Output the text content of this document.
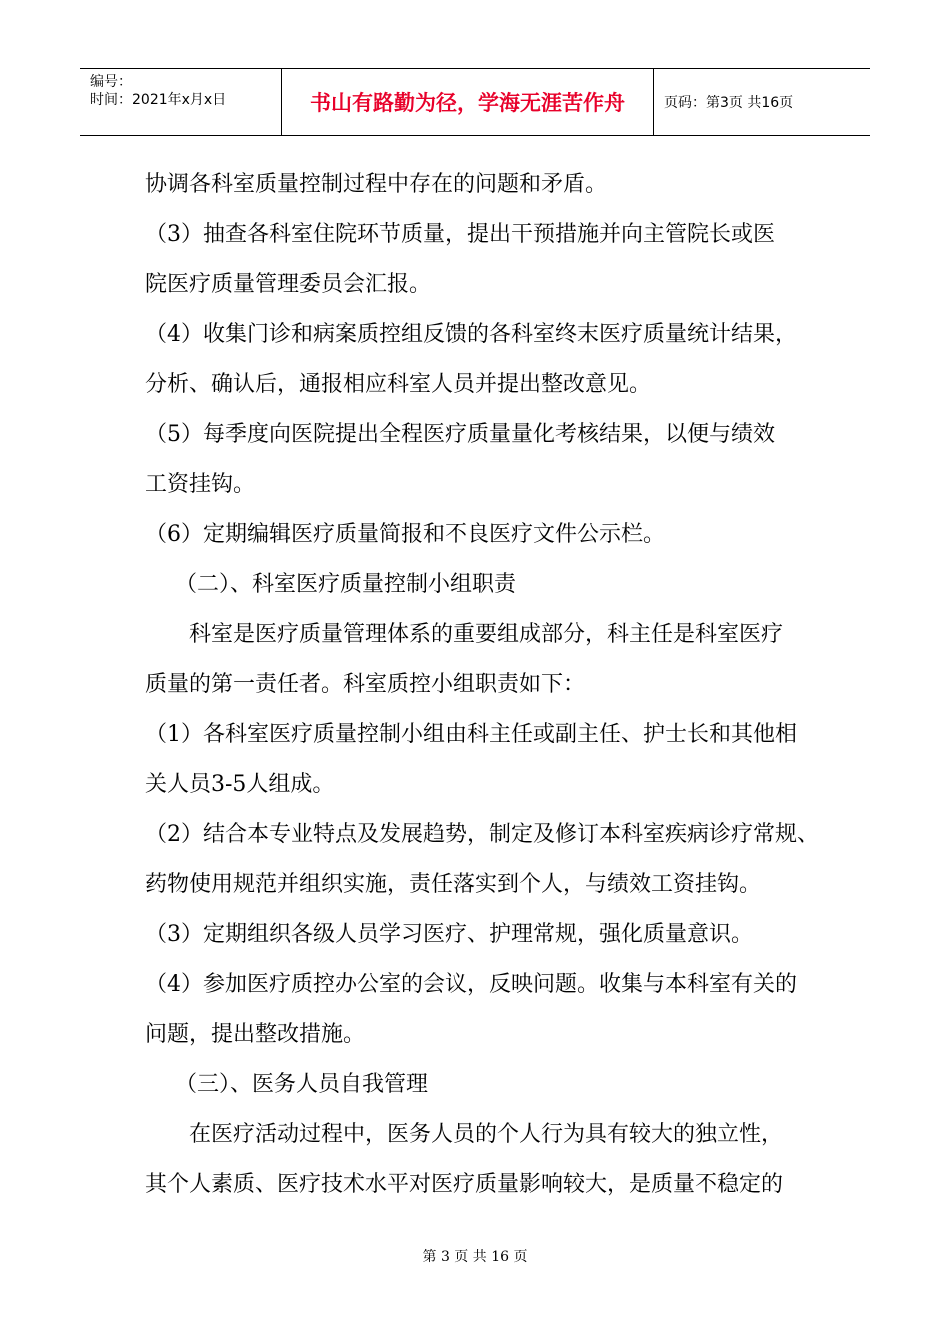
编号：
时间：2021年x月x日	书山有路勤为径，学海无涯苦作舟	页码：第3页 共16页
协调各科室质量控制过程中存在的问题和矛盾。
（3）抽查各科室住院环节质量，提出干预措施并向主管院长或医
院医疗质量管理委员会汇报。
（4）收集门诊和病案质控组反馈的各科室终末医疗质量统计结果，
分析、确认后，通报相应科室人员并提出整改意见。
（5）每季度向医院提出全程医疗质量量化考核结果，以便与绩效
工资挂钩。
（6）定期编辑医疗质量简报和不良医疗文件公示栏。
（二）、科室医疗质量控制小组职责
科室是医疗质量管理体系的重要组成部分，科主任是科室医疗
质量的第一责任者。科室质控小组职责如下：
（1）各科室医疗质量控制小组由科主任或副主任、护士长和其他相
关人员3-5人组成。
（2）结合本专业特点及发展趋势，制定及修订本科室疾病诊疗常规、
药物使用规范并组织实施，责任落实到个人，与绩效工资挂钩。
（3）定期组织各级人员学习医疗、护理常规，强化质量意识。
（4）参加医疗质控办公室的会议，反映问题。收集与本科室有关的
问题，提出整改措施。
（三）、医务人员自我管理
在医疗活动过程中，医务人员的个人行为具有较大的独立性，
其个人素质、医疗技术水平对医疗质量影响较大，是质量不稳定的
第 3 页 共 16 页
